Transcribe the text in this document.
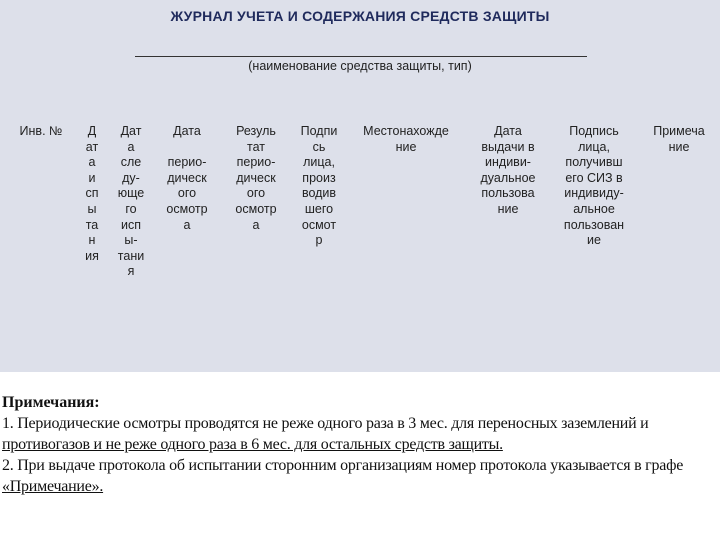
ЖУРНАЛ УЧЕТА И СОДЕРЖАНИЯ СРЕДСТВ ЗАЩИТЫ
(наименование средства защиты, тип)
Инв. №	Д
ат
а
и
сп
ы
та
н
ия
Дат
а
сле
ду-
юще
го
исп
ы-
тани
я
Дата

перио-
дическ
ого
осмотр
а
Резуль
тат
перио-
дическ
ого
осмотр
а
Подпи
сь
лица,
произ
водив
шего
осмот
р
Местонахожде
ние
Дата
выдачи в
индиви-
дуальное
пользова
ние
Подпись
лица,
получивш
его СИЗ в
индивиду-
альное
пользован
ие
Примеча
ние
Примечания:
1. Периодические осмотры проводятся не реже одного раза в 3 мес. для переносных заземлений и
противогазов и не реже одного раза в 6 мес. для остальных средств защиты.
2. При выдаче протокола об испытании сторонним организациям номер протокола указывается в графе
«Примечание».
